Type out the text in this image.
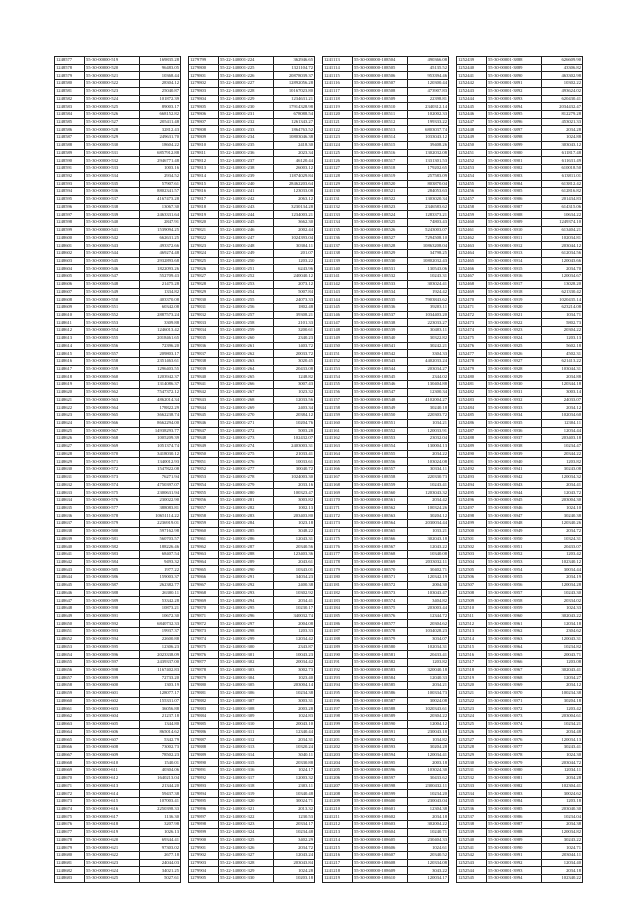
1248577	55-30-00000-519	169835.28
1248578	55-30-00000-520	96483.05
1248579	55-30-00000-521	10368.44
1248580	55-30-00000-522	28304.12
1248581	55-30-00000-523	25040.87
1248582	55-30-00000-524	101872.39
1248583	55-30-00000-525	89003.17
1248584	55-30-00000-526	668152.82
1248585	55-30-00000-527	205411.48
1248586	55-30-00000-528	32812.43
1248587	55-30-00000-529	249631.70
1248588	55-30-00000-530	18604.22
1248589	55-30-00000-531	6857912.88
1248590	55-30-00000-532	2946771.48
1248591	55-30-00000-533	1003.16
1248592	55-30-00000-534	2934.52
1248593	55-30-00000-535	57907.61
1248594	55-30-00000-536	8802341.57
1248595	55-30-00000-537	4167473.28
1248596	55-30-00000-538	13067.30
1248597	55-30-00000-539	2463331.64
1248598	55-30-00000-540	2847.91
1248599	55-30-00000-541	1539094.25
1248600	55-30-00000-542	662631.25
1248601	55-30-00000-543	493372.66
1248602	55-30-00000-544	469274.48
1248603	55-30-00000-545	2932893.68
1248604	55-30-00000-546	1822093.26
1248605	55-30-00000-547	552709.43
1248606	55-30-00000-548	21475.28
1248607	55-30-00000-549	1334.82
1248608	55-30-00000-550	403370.08
1248609	55-30-00000-551	60342.08
1248610	55-30-00000-552	2887573.24
1248611	55-30-00000-553	3309.88
1248612	55-30-00000-554	1246013.42
1248613	55-30-00000-555	2018461.65
1248614	55-30-00000-556	72396.20
1248615	55-30-00000-557	209803.17
1248616	55-30-00000-558	2351463.61
1248617	55-30-00000-559	1296403.55
1248618	55-30-00000-560	1203942.37
1248619	55-30-00000-561	1314086.37
1248620	55-30-00000-562	7547372.12
1248621	55-30-00000-563	4862014.34
1248622	55-30-00000-564	178822.29
1248623	55-30-00000-565	3662238.74
1248624	55-30-00000-566	8662294.00
1248625	55-30-00000-567	14938293.77
1248626	55-30-00000-568	1005209.39
1248627	55-30-00000-569	1051374.74
1248628	55-30-00000-570	3418030.12
1248629	55-30-00000-571	1340012.93
1248630	55-30-00000-572	1547822.08
1248631	55-30-00000-573	76271.94
1248632	55-30-00000-574	4750397.07
1248633	55-30-00000-575	2300631.94
1248634	55-30-00000-576	230022.90
1248635	55-30-00000-577	388083.81
1248636	55-30-00000-578	10651114.22
1248637	55-30-00000-579	2236919.01
1248638	55-30-00000-580	597162.98
1248639	55-30-00000-581	560703.57
1248640	55-30-00000-582	188226.46
1248641	55-30-00000-583	68407.54
1248642	55-30-00000-584	9493.32
1248643	55-30-00000-585	1977.22
1248644	55-30-00000-586	159003.37
1248645	55-30-00000-587	262382.77
1248646	55-30-00000-588	26300.11
1248647	55-30-00000-589	53342.28
1248648	55-30-00000-590	10873.21
1248649	55-30-00000-591	10672.30
1248650	55-30-00000-592	6840732.33
1248651	55-30-00000-593	19937.37
1248652	55-30-00000-594	22600.88
1248653	55-30-00000-595	12306.23
1248654	55-30-00000-596	2023338.09
1248655	55-30-00000-597	2439337.00
1248656	55-30-00000-598	1167402.83
1248657	55-30-00000-599	72733.20
1248658	55-30-00000-600	1303.19
1248659	55-30-00000-601	128077.17
1248660	55-30-00000-602	155331.07
1248661	55-30-00000-603	36056.88
1248662	55-30-00000-604	21237.18
1248663	55-30-00000-605	1344.80
1248664	55-30-00000-606	865014.62
1248665	55-30-00000-607	5342.79
1248666	55-30-00000-608	73002.73
1248667	55-30-00000-609	78502.23
1248668	55-30-00000-610	1540.01
1248669	55-30-00000-611	40304.06
1248670	55-30-00000-612	1640213.04
1248671	55-30-00000-613	21344.20
1248672	55-30-00000-614	59437.38
1248673	55-30-00000-615	107003.41
1248674	55-30-00000-616	2250398.33
1248675	55-30-00000-617	1136.30
1248676	55-30-00000-618	3207.98
1248677	55-30-00000-619	1026.13
1248678	55-30-00000-620	69344.41
1248679	55-30-00000-621	97303.02
1248680	55-30-00000-622	2677.18
1248681	55-30-00000-623	24044.03
1248682	55-30-00000-624	34021.25
1248683	55-30-00000-625	5027.61
1279799	55-22-140001-224	362946.65
1279800	55-22-140001-225	1321104.72
1279801	55-22-140001-226	20878039.37
1279802	55-22-140001-227	12892056.28
1279803	55-22-140001-228	10167023.80
1279804	55-22-140001-229	1234631.21
1279805	55-22-140001-230	17914328.98
1279806	55-22-140001-231	678088.54
1279807	55-22-140001-232	1261343.27
1279808	55-22-140001-233	1864763.52
1279809	55-22-140001-234	10803046.38
1279810	55-22-140001-235	2418.30
1279811	55-22-140001-236	2023.34
1279812	55-22-140001-237	46120.44
1279813	55-22-140001-238	26003.12
1279814	55-22-140001-239	11874029.84
1279815	55-22-140001-240	28462203.64
1279816	55-22-140001-241	123033.08
1279817	55-22-140001-242	2063.12
1279818	55-22-140001-243	3230134.28
1279819	55-22-140001-244	1234003.21
1279820	55-22-140001-245	3662.30
1279821	55-22-140001-246	2002.44
1279822	55-22-140001-247	1024393.04
1279823	55-22-140001-248	30304.11
1279824	55-22-140001-249	201.07
1279825	55-22-140001-250	1203.22
1279826	55-22-140001-251	6243.96
1279827	55-22-140001-252	240040.12
1279828	55-22-140001-253	2073.12
1279829	55-22-140001-254	5007.84
1279830	55-22-140001-255	24073.33
1279831	55-22-140001-256	1802.48
1279832	55-22-140001-257	39308.21
1279833	55-22-140001-258	2101.33
1279834	55-22-140001-259	3200.61
1279835	55-22-140001-260	2340.23
1279836	55-22-140001-261	1403.72
1279837	55-22-140001-262	20033.72
1279838	55-22-140001-263	3020.45
1279839	55-22-140001-264	20433.08
1279840	55-22-140001-265	1248.82
1279841	55-22-140001-266	3007.43
1279842	55-22-140001-267	1023.32
1279843	55-22-140001-268	12033.56
1279844	55-22-140001-269	2403.34
1279845	55-22-140001-270	20384.12
1279846	55-22-140001-271	10204.76
1279847	55-22-140001-272	5003.28
1279848	55-22-140001-273	102432.07
1279849	55-22-140001-274	2403003.31
1279850	55-22-140001-275	21033.41
1279851	55-22-140001-276	10033.61
1279852	55-22-140001-277	30040.72
1279853	55-22-140001-278	1024003.30
1279854	55-22-140001-279	2033.16
1279855	55-22-140001-280	100323.47
1279856	55-22-140001-281	3003.82
1279857	55-22-140001-282	1002.13
1279858	55-22-140001-283	203403.80
1279859	55-22-140001-284	1023.18
1279860	55-22-140001-285	3048.22
1279861	55-22-140001-286	12043.31
1279862	55-22-140001-287	20340.56
1279863	55-22-140001-288	123403.36
1279864	55-22-140001-289	2043.61
1279865	55-22-140001-290	10343.01
1279866	55-22-140001-291	34034.23
1279867	55-22-140001-292	2400.38
1279868	55-22-140001-293	10302.92
1279869	55-22-140001-294	2034.41
1279870	55-22-140001-295	10230.17
1279871	55-22-140001-296	340032.74
1279872	55-22-140001-297	2004.08
1279873	55-22-140001-298	1203.33
1279874	55-22-140001-299	12034.42
1279875	55-22-140001-300	2343.87
1279876	55-22-140001-301	10043.23
1279877	55-22-140001-302	20034.42
1279878	55-22-140001-303	3002.73
1279879	55-22-140001-304	1023.40
1279880	55-22-140001-305	203004.14
1279881	55-22-140001-306	10234.38
1279882	55-22-140001-307	3003.31
1279883	55-22-140001-308	2003.28
1279884	55-22-140001-309	1024.83
1279885	55-22-140001-310	20043.10
1279886	55-22-140001-311	12340.44
1279887	55-22-140001-312	2034.31
1279888	55-22-140001-313	10320.24
1279889	55-22-140001-314	3040.11
1279890	55-22-140001-315	20330.88
1279891	55-22-140001-316	1024.17
1279892	55-22-140001-317	12003.32
1279893	55-22-140001-318	2303.11
1279894	55-22-140001-319	10340.48
1279895	55-22-140001-320	30024.71
1279896	55-22-140001-321	2013.32
1279897	55-22-140001-322	1230.53
1279898	55-22-140001-323	20334.17
1279899	55-22-140001-324	10234.48
1279900	55-22-140001-325	3402.29
1279901	55-22-140001-326	2034.72
1279902	55-22-140001-327	12043.24
1279903	55-22-140001-328	203043.84
1279904	55-22-140001-329	1024.28
1279905	55-22-140001-330	10203.18
1241113	55-30-000000-108504	490366.08
1241114	55-30-000000-108505	45135.52
1241115	55-30-000000-108506	953394.46
1241116	55-30-000000-108507	120300.44
1241117	55-30-000000-108508	473907.83
1241118	55-30-000000-108509	22398.81
1241119	55-30-000000-108510	2340312.14
1241120	55-30-000000-108511	102002.33
1241121	55-30-000000-108512	199333.22
1241122	55-30-000000-108513	6803037.74
1241123	55-30-000000-108514	1033043.12
1241124	55-30-000000-108515	39408.26
1241125	55-30-000000-108516	1302032.08
1241126	55-30-000000-108517	1331301.53
1241127	55-30-000000-108518	179202.65
1241128	55-30-000000-108519	257583.09
1241129	55-30-000000-108520	803870.04
1241130	55-30-000000-108521	284053.63
1241131	55-30-000000-108522	1303020.34
1241132	55-30-000000-108523	2346583.62
1241133	55-30-000000-108524	1283373.21
1241134	55-30-000000-108525	74803.43
1241135	55-30-000000-108526	5243003.07
1241136	55-30-000000-108527	7294508.10
1241137	55-30-000000-108528	10863208.04
1241138	55-30-000000-108529	34798.25
1241139	55-30-000000-108530	10802032.43
1241140	55-30-000000-108531	130543.06
1241141	55-30-000000-108532	10243.31
1241142	55-30-000000-108533	303024.41
1241143	55-30-000000-108534	1924.42
1241144	55-30-000000-108535	7903843.62
1241145	55-30-000000-108536	39203.11
1241146	55-30-000000-108537	1034403.20
1241147	55-30-000000-108538	223033.27
1241148	55-30-000000-108539	30403.11
1241149	55-30-000000-108540	30322.82
1241150	55-30-000000-108541	30242.21
1241151	55-30-000000-108542	3304.33
1241152	55-30-000000-108543	4402033.24
1241153	55-30-000000-108544	203034.27
1241154	55-30-000000-108545	2344.02
1241155	55-30-000000-108546	130404.88
1241156	55-30-000000-108547	12300.34
1241157	55-30-000000-108548	4102004.27
1241158	55-30-000000-108549	30240.18
1241159	55-30-000000-108550	220303.72
1241160	55-30-000000-108551	1034.21
1241161	55-30-000000-108552	120033.91
1241162	55-30-000000-108553	23032.04
1241163	55-30-000000-108554	130004.13
1241164	55-30-000000-108555	2034.22
1241165	55-30-000000-108556	103024.08
1241166	55-30-000000-108557	30334.11
1241167	55-30-000000-108558	220330.73
1241168	55-30-000000-108559	10243.41
1241169	55-30-000000-108560	1203043.32
1241170	55-30-000000-108561	2034.42
1241171	55-30-000000-108562	100324.26
1241172	55-30-000000-108563	30204.12
1241173	55-30-000000-108564	2030034.44
1241174	55-30-000000-108565	1033.21
1241175	55-30-000000-108566	302043.18
1241176	55-30-000000-108567	12043.22
1241177	55-30-000000-108568	10340.08
1241178	55-30-000000-108569	2033032.11
1241179	55-30-000000-108570	30402.71
1241180	55-30-000000-108571	120342.19
1241181	55-30-000000-108572	2004.30
1241182	55-30-000000-108573	103043.47
1241183	55-30-000000-108574	3404.82
1241184	55-30-000000-108575	203003.44
1241185	55-30-000000-108576	12344.72
1241186	55-30-000000-108577	20304.62
1241187	55-30-000000-108578	1034028.23
1241188	55-30-000000-108579	3034.07
1241189	55-30-000000-108580	102034.31
1241190	55-30-000000-108581	20433.41
1241191	55-30-000000-108582	1203.82
1241192	55-30-000000-108583	320040.18
1241193	55-30-000000-108584	12040.33
1241194	55-30-000000-108585	2034.21
1241195	55-30-000000-108586	100334.73
1241196	55-30-000000-108587	30024.08
1241197	55-30-000000-108588	1020343.61
1241198	55-30-000000-108589	20304.22
1241199	55-30-000000-108590	12004.12
1241200	55-30-000000-108591	230043.18
1241201	55-30-000000-108592	1034.82
1241202	55-30-000000-108593	30204.28
1241203	55-30-000000-108594	120034.41
1241204	55-30-000000-108595	2003.18
1241205	55-30-000000-108596	103024.30
1241206	55-30-000000-108597	30433.62
1241207	55-30-000000-108598	2300432.11
1241208	55-30-000000-108599	10234.20
1241209	55-30-000000-108600	230043.04
1241210	55-30-000000-108601	12304.38
1241211	55-30-000000-108602	2034.18
1241212	55-30-000000-108603	302004.22
1241213	55-30-000000-108604	10240.71
1241214	55-30-000000-108605	230404.33
1241215	55-30-000000-108606	1024.61
1241216	55-30-000000-108607	20340.52
1241217	55-30-000000-108608	120334.08
1241218	55-30-000000-108609	3043.22
1241219	55-30-000000-108610	120034.17
1252439	55-30-00001-3888	626609.90
1252440	55-30-00001-3889	43306.82
1252441	55-30-00001-3890	463302.98
1252442	55-30-00001-3891	10302.22
1252443	55-30-00001-3892	493624.02
1252444	55-30-00001-3893	620430.41
1252445	55-30-00001-3894	2034432.47
1252446	55-30-00001-3895	812279.28
1252447	55-30-00001-3896	453021.33
1252448	55-30-00001-3897	2034.28
1252449	55-30-00001-3898	1024.88
1252450	55-30-00001-3899	303043.12
1252451	55-30-00001-3900	611817.48
1252452	55-30-00001-3901	611631.49
1252453	55-30-00001-3902	610018.50
1252454	55-30-00001-3903	613811.01
1252455	55-30-00001-3904	613812.42
1252456	55-30-00001-3905	612816.82
1252457	55-30-00001-3906	201434.83
1252458	55-30-00001-3907	614315.06
1252459	55-30-00001-3908	10634.22
1252460	55-30-00001-3909	1249374.10
1252461	55-30-00001-3910	613404.21
1252462	55-30-00001-3911	102034.81
1252463	55-30-00001-3912	203044.12
1252464	55-30-00001-3913	612034.56
1252465	55-30-00001-3914	120043.66
1252466	55-30-00001-3915	2034.70
1252467	55-30-00001-3916	120034.67
1252468	55-30-00001-3917	13028.20
1252469	55-30-00001-3918	621330.42
1252470	55-30-00001-3919	1020435.14
1252471	55-30-00001-3920	623214.08
1252472	55-30-00001-3921	1034.71
1252473	55-30-00001-3922	5802.73
1252474	55-30-00001-3923	20304.22
1252475	55-30-00001-3924	1203.13
1252476	55-30-00001-3925	5602.18
1252477	55-30-00001-3926	4502.31
1252478	55-30-00001-3927	621413.22
1252479	55-30-00001-3928	103044.31
1252480	55-30-00001-3929	2034.88
1252481	55-30-00001-3930	120344.18
1252482	55-30-00001-3931	3003.14
1252483	55-30-00001-3932	24033.07
1252484	55-30-00001-3933	2034.12
1252485	55-30-00001-3934	102034.60
1252486	55-30-00001-3935	12304.11
1252487	55-30-00001-3936	12034.44
1252488	55-30-00001-3937	203403.18
1252489	55-30-00001-3938	10234.47
1252490	55-30-00001-3939	20344.22
1252491	55-30-00001-3940	1203.82
1252492	55-30-00001-3941	30243.08
1252493	55-30-00001-3942	120034.32
1252494	55-30-00001-3943	2034.41
1252495	55-30-00001-3944	12043.72
1252496	55-30-00001-3945	203004.30
1252497	55-30-00001-3946	1024.10
1252498	55-30-00001-3947	30240.38
1252499	55-30-00001-3948	120340.26
1252500	55-30-00001-3949	2034.72
1252501	55-30-00001-3950	10324.31
1252502	55-30-00001-3951	20433.07
1252503	55-30-00001-3952	1203.42
1252504	55-30-00001-3953	102340.12
1252505	55-30-00001-3954	30034.44
1252506	55-30-00001-3955	2034.19
1252507	55-30-00001-3956	120034.28
1252508	55-30-00001-3957	10243.30
1252509	55-30-00001-3958	20334.02
1252510	55-30-00001-3959	1024.33
1252511	55-30-00001-3960	302043.22
1252512	55-30-00001-3961	12034.18
1252513	55-30-00001-3962	2304.62
1252514	55-30-00001-3963	120043.31
1252515	55-30-00001-3964	10234.82
1252516	55-30-00001-3965	20043.71
1252517	55-30-00001-3966	1203.08
1252518	55-30-00001-3967	302043.41
1252519	55-30-00001-3968	12034.27
1252520	55-30-00001-3969	2034.12
1252521	55-30-00001-3970	100234.38
1252522	55-30-00001-3971	30204.18
1252523	55-30-00001-3972	1203.42
1252524	55-30-00001-3973	203004.61
1252525	55-30-00001-3974	10234.21
1252526	55-30-00001-3975	2034.48
1252527	55-30-00001-3976	120034.13
1252528	55-30-00001-3977	30243.41
1252529	55-30-00001-3978	1024.30
1252530	55-30-00001-3979	203044.72
1252531	55-30-00001-3980	12034.11
1252532	55-30-00001-3981	2034.28
1252533	55-30-00001-3982	102304.41
1252534	55-30-00001-3983	30024.62
1252535	55-30-00001-3984	1203.18
1252536	55-30-00001-3985	203040.30
1252537	55-30-00001-3986	10234.04
1252538	55-30-00001-3987	2034.38
1252539	55-30-00001-3988	120034.82
1252540	55-30-00001-3989	30243.22
1252541	55-30-00001-3990	1024.71
1252542	55-30-00001-3991	203044.11
1252543	55-30-00001-3992	12034.40
1252544	55-30-00001-3993	2034.18
1252545	55-30-00001-3994	102340.22
